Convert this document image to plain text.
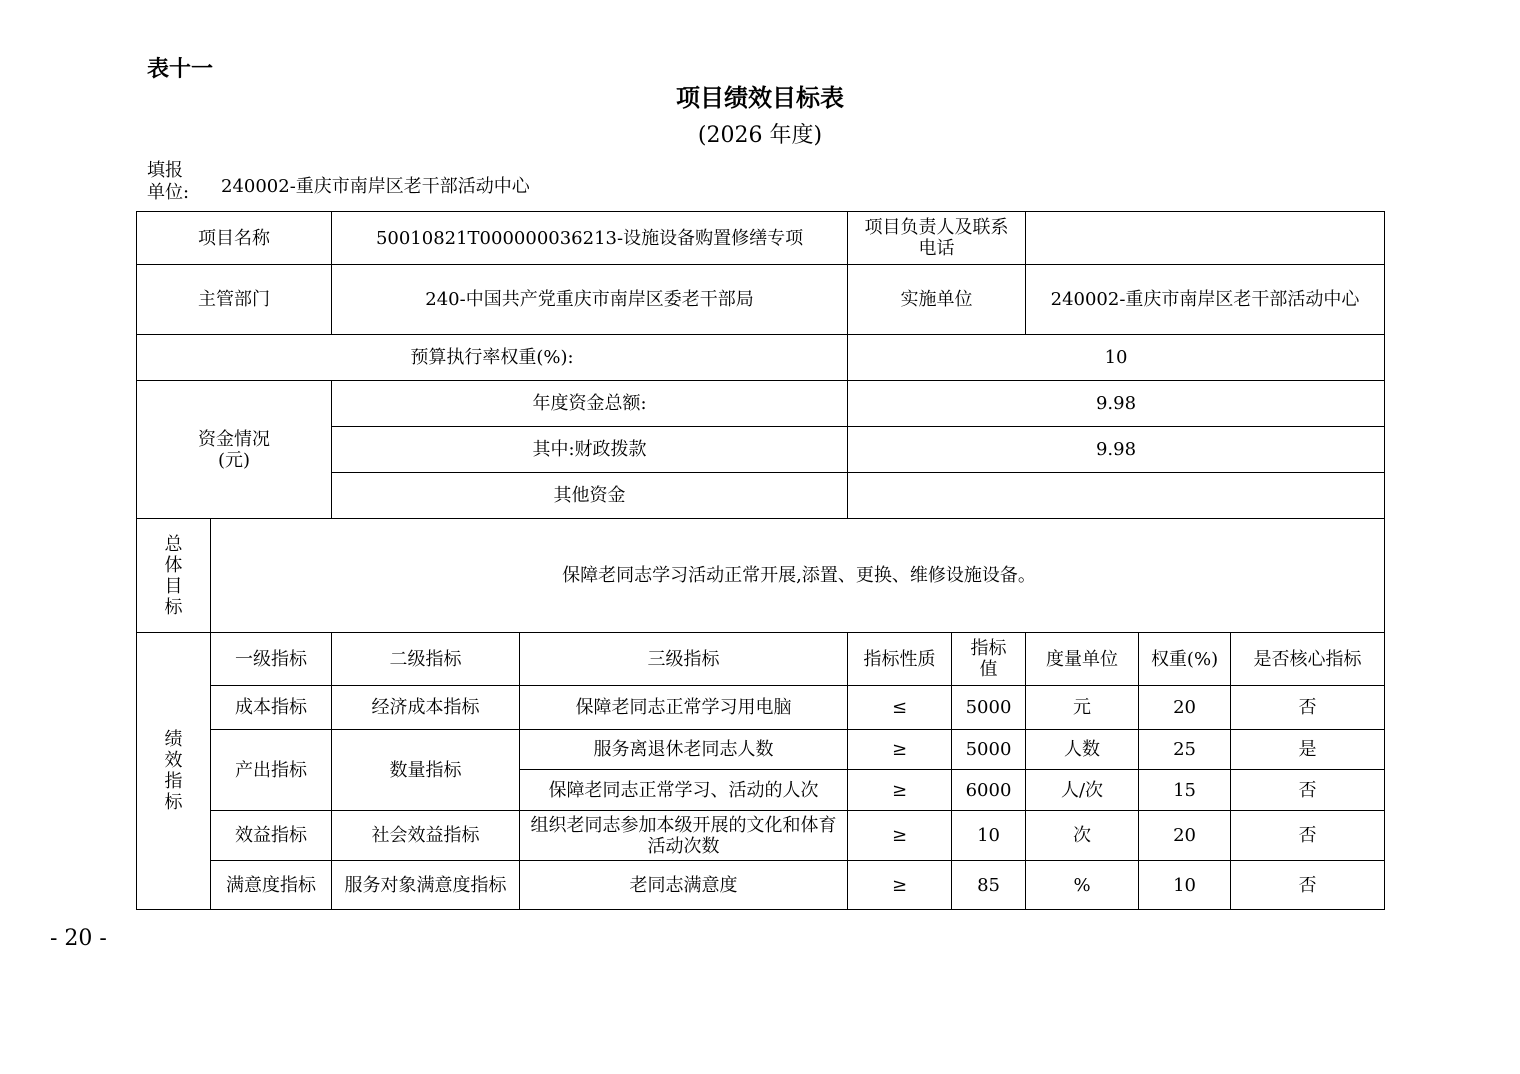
表十一
项目绩效目标表
(2026 年度)
填报单位:	240002-重庆市南岸区老干部活动中心
项目名称		50010821T000000036213-设施设备购置修缮专项		项目负责人及联系电话				
主管部门		240-中国共产党重庆市南岸区委老干部局		实施单位		240002-重庆市南岸区老干部活动中心		
预算执行率权重(%):				10				
资金情况(元)		年度资金总额:		9.98				
		其中:财政拨款		9.98				
		其他资金						
总体目标	保障老同志学习活动正常开展,添置、更换、维修设施设备。							
绩效指标	一级指标	二级指标	三级指标	指标性质	指标值	度量单位	权重(%)	是否核心指标
	成本指标	经济成本指标	保障老同志正常学习用电脑	≤	5000	元	20	否
	产出指标	数量指标	服务离退休老同志人数	≥	5000	人数	25	是
			保障老同志正常学习、活动的人次	≥	6000	人/次	15	否
	效益指标	社会效益指标	组织老同志参加本级开展的文化和体育活动次数	≥	10	次	20	否
	满意度指标	服务对象满意度指标	老同志满意度	≥	85	%	10	否
- 20 -
